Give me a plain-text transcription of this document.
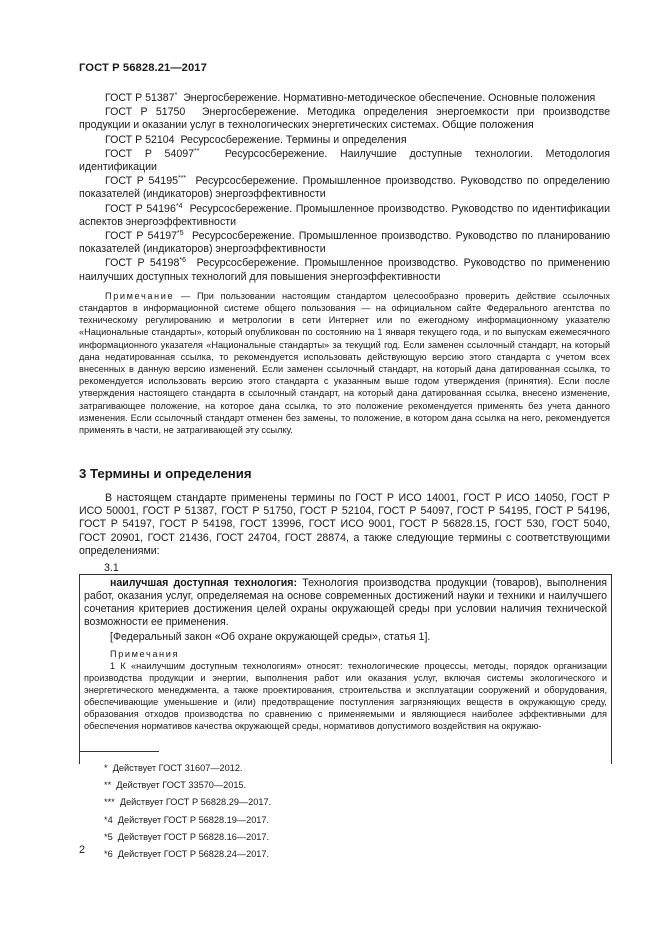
ГОСТ Р 56828.21—2017

ГОСТ Р 51387* Энергосбережение. Нормативно-методическое обеспечение. Основные положения

ГОСТ Р 51750 Энергосбережение. Методика определения энергоемкости при производстве продукции и оказании услуг в технологических энергетических системах. Общие положения

ГОСТ Р 52104 Ресурсосбережение. Термины и определения

ГОСТ Р 54097** Ресурсосбережение. Наилучшие доступные технологии. Методология идентификации

ГОСТ Р 54195*** Ресурсосбережение. Промышленное производство. Руководство по определению показателей (индикаторов) энергоэффективности

ГОСТ Р 54196$^{*4}$ Ресурсосбережение. Промышленное производство. Руководство по идентификации аспектов энергоэффективности

ГОСТ Р 54197$^{*5}$ Ресурсосбережение. Промышленное производство. Руководство по планированию показателей (индикаторов) энергоэффективности

ГОСТ Р 54198$^{*6}$ Ресурсосбережение. Промышленное производство. Руководство по применению наилучших доступных технологий для повышения энергоэффективности

Примечание — При пользовании настоящим стандартом целесообразно проверить действие ссылочных стандартов в информационной системе общего пользования — на официальном сайте Федерального агентства по техническому регулированию и метрологии в сети Интернет или по ежегодному информационному указателю «Национальные стандарты», который опубликован по состоянию на 1 января текущего года, и по выпускам ежемесячного информационного указателя «Национальные стандарты» за текущий год. Если заменен ссылочный стандарт, на который дана недатированная ссылка, то рекомендуется использовать действующую версию этого стандарта с учетом всех внесенных в данную версию изменений. Если заменен ссылочный стандарт, на который дана датированная ссылка, то рекомендуется использовать версию этого стандарта с указанным выше годом утверждения (принятия). Если после утверждения настоящего стандарта в ссылочный стандарт, на который дана датированная ссылка, внесено изменение, затрагивающее положение, на которое дана ссылка, то это положение рекомендуется применять без учета данного изменения. Если ссылочный стандарт отменен без замены, то положение, в котором дана ссылка на него, рекомендуется применять в части, не затрагивающей эту ссылку.

3 Термины и определения

В настоящем стандарте применены термины по ГОСТ Р ИСО 14001, ГОСТ Р ИСО 14050, ГОСТ Р ИСО 50001, ГОСТ Р 51387, ГОСТ Р 51750, ГОСТ Р 52104, ГОСТ Р 54097, ГОСТ Р 54195, ГОСТ Р 54196, ГОСТ Р 54197, ГОСТ Р 54198, ГОСТ 13996, ГОСТ ИСО 9001, ГОСТ Р 56828.15, ГОСТ 530, ГОСТ 5040, ГОСТ 20901, ГОСТ 21436, ГОСТ 24704, ГОСТ 28874, а также следующие термины с соответствующими определениями:

3.1

наилучшая доступная технология: Технология производства продукции (товаров), выполнения работ, оказания услуг, определяемая на основе современных достижений науки и техники и наилучшего сочетания критериев достижения целей охраны окружающей среды при условии наличия технической возможности ее применения.

[Федеральный закон «Об охране окружающей среды», статья 1].

Примечания

1 К «наилучшим доступным технологиям» относят: технологические процессы, методы, порядок организации производства продукции и энергии, выполнения работ или оказания услуг, включая системы экологического и энергетического менеджмента, а также проектирования, строительства и эксплуатации сооружений и оборудования, обеспечивающие уменьшение и (или) предотвращение поступления загрязняющих веществ в окружающую среду, образования отходов производства по сравнению с применяемыми и являющиеся наиболее эффективными для обеспечения нормативов качества окружающей среды, нормативов допустимого воздействия на окружаю-

* Действует ГОСТ 31607—2012.

** Действует ГОСТ 33570—2015.

*** Действует ГОСТ Р 56828.29—2017.

*4 Действует ГОСТ Р 56828.19—2017.

*5 Действует ГОСТ Р 56828.16—2017.

*6 Действует ГОСТ Р 56828.24—2017.

2
